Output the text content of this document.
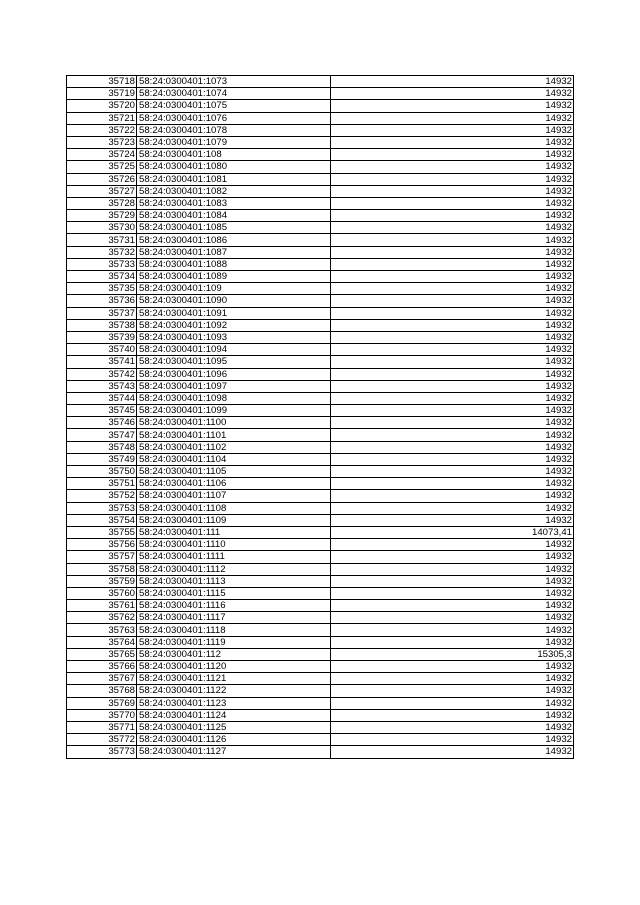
35718	58:24:0300401:1073	14932
35719	58:24:0300401:1074	14932
35720	58:24:0300401:1075	14932
35721	58:24:0300401:1076	14932
35722	58:24:0300401:1078	14932
35723	58:24:0300401:1079	14932
35724	58:24:0300401:108	14932
35725	58:24:0300401:1080	14932
35726	58:24:0300401:1081	14932
35727	58:24:0300401:1082	14932
35728	58:24:0300401:1083	14932
35729	58:24:0300401:1084	14932
35730	58:24:0300401:1085	14932
35731	58:24:0300401:1086	14932
35732	58:24:0300401:1087	14932
35733	58:24:0300401:1088	14932
35734	58:24:0300401:1089	14932
35735	58:24:0300401:109	14932
35736	58:24:0300401:1090	14932
35737	58:24:0300401:1091	14932
35738	58:24:0300401:1092	14932
35739	58:24:0300401:1093	14932
35740	58:24:0300401:1094	14932
35741	58:24:0300401:1095	14932
35742	58:24:0300401:1096	14932
35743	58:24:0300401:1097	14932
35744	58:24:0300401:1098	14932
35745	58:24:0300401:1099	14932
35746	58:24:0300401:1100	14932
35747	58:24:0300401:1101	14932
35748	58:24:0300401:1102	14932
35749	58:24:0300401:1104	14932
35750	58:24:0300401:1105	14932
35751	58:24:0300401:1106	14932
35752	58:24:0300401:1107	14932
35753	58:24:0300401:1108	14932
35754	58:24:0300401:1109	14932
35755	58:24:0300401:111	14073,41
35756	58:24:0300401:1110	14932
35757	58:24:0300401:1111	14932
35758	58:24:0300401:1112	14932
35759	58:24:0300401:1113	14932
35760	58:24:0300401:1115	14932
35761	58:24:0300401:1116	14932
35762	58:24:0300401:1117	14932
35763	58:24:0300401:1118	14932
35764	58:24:0300401:1119	14932
35765	58:24:0300401:112	15305,3
35766	58:24:0300401:1120	14932
35767	58:24:0300401:1121	14932
35768	58:24:0300401:1122	14932
35769	58:24:0300401:1123	14932
35770	58:24:0300401:1124	14932
35771	58:24:0300401:1125	14932
35772	58:24:0300401:1126	14932
35773	58:24:0300401:1127	14932
